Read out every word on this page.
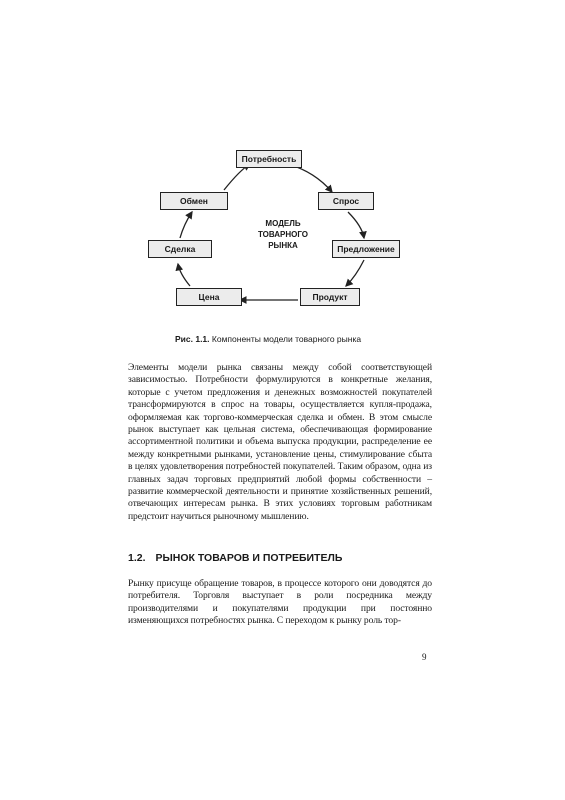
Потребность
Спрос
Предложение
Продукт
Цена
Сделка
Обмен
МОДЕЛЬ
ТОВАРНОГО
РЫНКА
Рис. 1.1. Компоненты модели товарного рынка

Элементы модели рынка связаны между собой соответствующей зависимостью. Потребности формулируются в конкретные желания, которые с учетом предложения и денежных возможностей покупателей трансформируются в спрос на товары, осуществляется купля-продажа, оформляемая как торгово-коммерческая сделка и обмен. В этом смысле рынок выступает как цельная система, обеспечивающая формирование ассортиментной политики и объема выпуска продукции, распределение ее между конкретными рынками, установление цены, стимулирование сбыта в целях удовлетворения потребностей покупателей. Таким образом, одна из главных задач торговых предприятий любой формы собственности – развитие коммерческой деятельности и принятие хозяйственных решений, отвечающих интересам рынка. В этих условиях торговым работникам предстоит научиться рыночному мышлению.

1.2. РЫНОК ТОВАРОВ И ПОТРЕБИТЕЛЬ

Рынку присуще обращение товаров, в процессе которого они доводятся до потребителя. Торговля выступает в роли посредника между производителями и покупателями продукции при постоянно изменяющихся потребностях рынка. С переходом к рынку роль тор-

9
